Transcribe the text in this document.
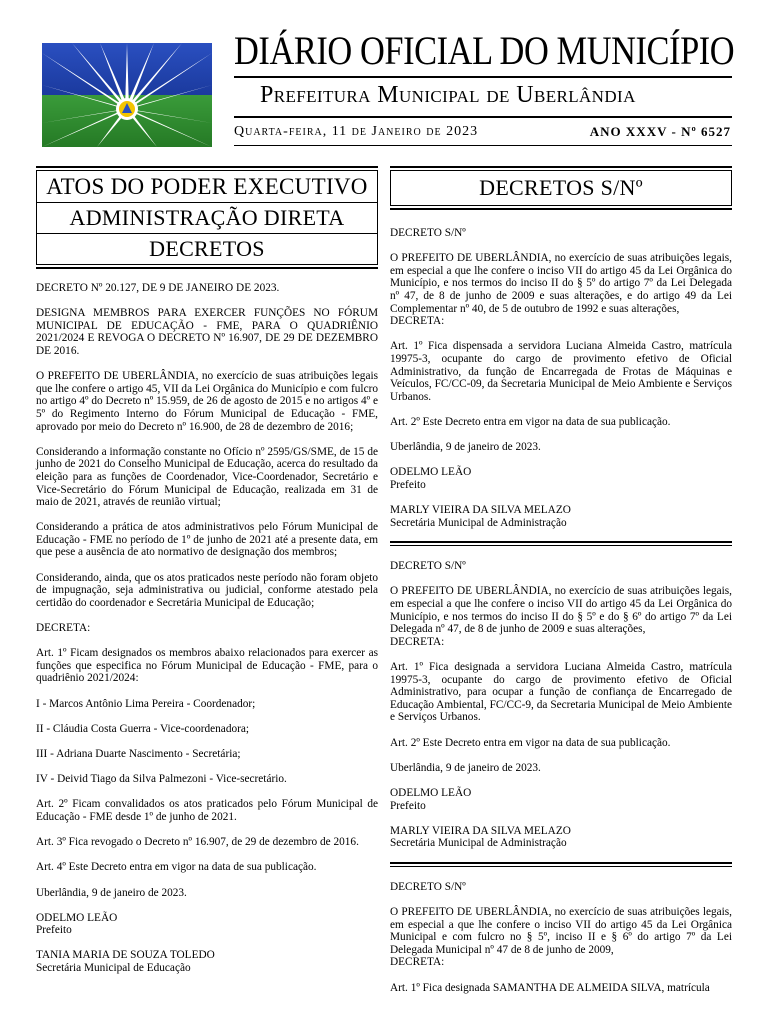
DIÁRIO OFICIAL DO MUNICÍPIO
Prefeitura Municipal de Uberlândia
Quarta-feira, 11 de Janeiro de 2023	ANO XXXV - Nº 6527
ATOS DO PODER EXECUTIVO
ADMINISTRAÇÃO DIRETA
DECRETOS

DECRETO Nº 20.127, DE 9 DE JANEIRO DE 2023.

DESIGNA MEMBROS PARA EXERCER FUNÇÕES NO FÓRUM MUNICIPAL DE EDUCAÇÃO - FME, PARA O QUADRIÊNIO 2021/2024 E REVOGA O DECRETO Nº 16.907, DE 29 DE DEZEMBRO DE 2016.

O PREFEITO DE UBERLÂNDIA, no exercício de suas atribuições legais que lhe confere o artigo 45, VII da Lei Orgânica do Município e com fulcro no artigo 4º do Decreto nº 15.959, de 26 de agosto de 2015 e no artigos 4º e 5º do Regimento Interno do Fórum Municipal de Educação - FME, aprovado por meio do Decreto nº 16.900, de 28 de dezembro de 2016;

Considerando a informação constante no Ofício nº 2595/GS/SME, de 15 de junho de 2021 do Conselho Municipal de Educação, acerca do resultado da eleição para as funções de Coordenador, Vice-Coordenador, Secretário e Vice-Secretário do Fórum Municipal de Educação, realizada em 31 de maio de 2021, através de reunião virtual;

Considerando a prática de atos administrativos pelo Fórum Municipal de Educação - FME no período de 1º de junho de 2021 até a presente data, em que pese a ausência de ato normativo de designação dos membros;

Considerando, ainda, que os atos praticados neste período não foram objeto de impugnação, seja administrativa ou judicial, conforme atestado pela certidão do coordenador e Secretária Municipal de Educação;

DECRETA:

Art. 1º Ficam designados os membros abaixo relacionados para exercer as funções que especifica no Fórum Municipal de Educação - FME, para o quadriênio 2021/2024:

I - Marcos Antônio Lima Pereira - Coordenador;

II - Cláudia Costa Guerra - Vice-coordenadora;

III - Adriana Duarte Nascimento - Secretária;

IV - Deivid Tiago da Silva Palmezoni - Vice-secretário.

Art. 2º Ficam convalidados os atos praticados pelo Fórum Municipal de Educação - FME desde 1º de junho de 2021.

Art. 3º Fica revogado o Decreto nº 16.907, de 29 de dezembro de 2016.

Art. 4º Este Decreto entra em vigor na data de sua publicação.

Uberlândia, 9 de janeiro de 2023.

ODELMO LEÃO

Prefeito

TANIA MARIA DE SOUZA TOLEDO

Secretária Municipal de Educação

DECRETOS S/Nº

DECRETO S/Nº

O PREFEITO DE UBERLÂNDIA, no exercício de suas atribuições legais, em especial a que lhe confere o inciso VII do artigo 45 da Lei Orgânica do Município, e nos termos do inciso II do § 5º do artigo 7º da Lei Delegada nº 47, de 8 de junho de 2009 e suas alterações, e do artigo 49 da Lei Complementar nº 40, de 5 de outubro de 1992 e suas alterações,

DECRETA:

Art. 1º Fica dispensada a servidora Luciana Almeida Castro, matrícula 19975-3, ocupante do cargo de provimento efetivo de Oficial Administrativo, da função de Encarregada de Frotas de Máquinas e Veículos, FC/CC-09, da Secretaria Municipal de Meio Ambiente e Serviços Urbanos.

Art. 2º Este Decreto entra em vigor na data de sua publicação.

Uberlândia, 9 de janeiro de 2023.

ODELMO LEÃO

Prefeito

MARLY VIEIRA DA SILVA MELAZO

Secretária Municipal de Administração

DECRETO S/Nº

O PREFEITO DE UBERLÂNDIA, no exercício de suas atribuições legais, em especial a que lhe confere o inciso VII do artigo 45 da Lei Orgânica do Município, e nos termos do inciso II do § 5º e do § 6º do artigo 7º da Lei Delegada nº 47, de 8 de junho de 2009 e suas alterações,

DECRETA:

Art. 1º Fica designada a servidora Luciana Almeida Castro, matrícula 19975-3, ocupante do cargo de provimento efetivo de Oficial Administrativo, para ocupar a função de confiança de Encarregado de Educação Ambiental, FC/CC-9, da Secretaria Municipal de Meio Ambiente e Serviços Urbanos.

Art. 2º Este Decreto entra em vigor na data de sua publicação.

Uberlândia, 9 de janeiro de 2023.

ODELMO LEÃO

Prefeito

MARLY VIEIRA DA SILVA MELAZO

Secretária Municipal de Administração

DECRETO S/Nº

O PREFEITO DE UBERLÂNDIA, no exercício de suas atribuições legais, em especial a que lhe confere o inciso VII do artigo 45 da Lei Orgânica Municipal e com fulcro no § 5º, inciso II e § 6º do artigo 7º da Lei Delegada Municipal nº 47 de 8 de junho de 2009,

DECRETA:

Art. 1º Fica designada SAMANTHA DE ALMEIDA SILVA, matrícula
